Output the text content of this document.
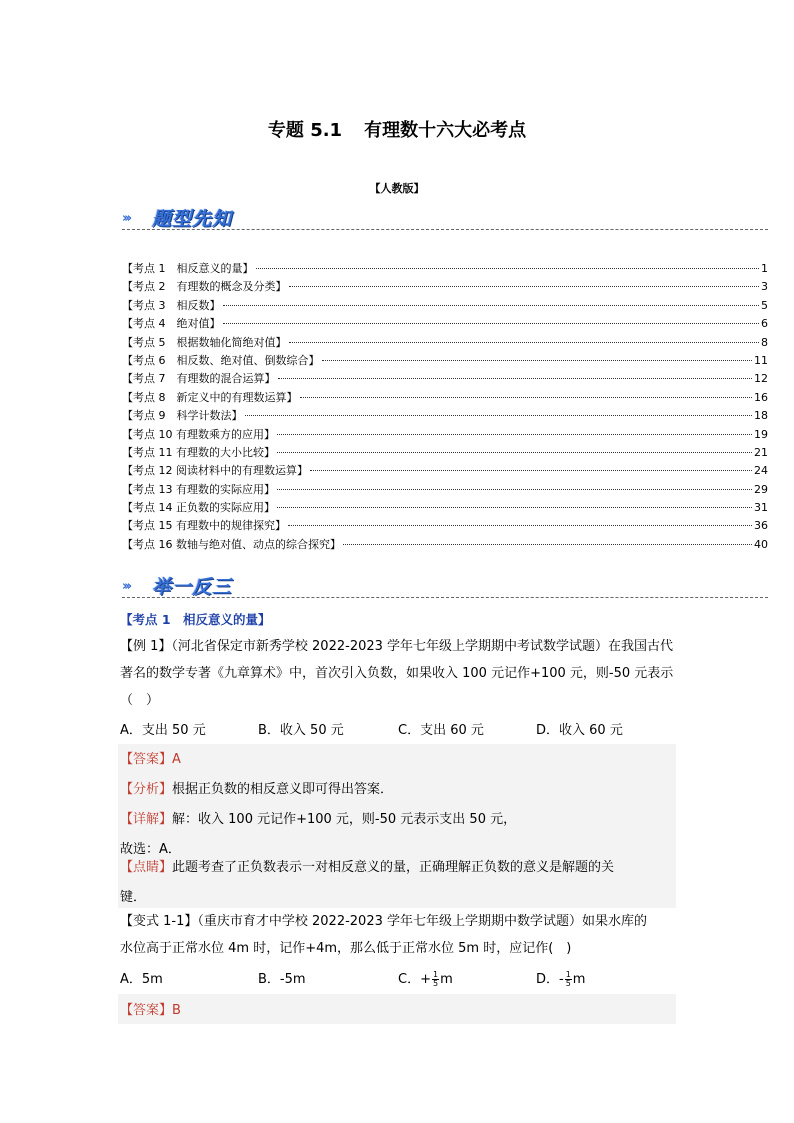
专题 5.1 有理数十六大必考点
【人教版】
››› 题型先知
【考点 1　相反意义的量】	1
【考点 2　有理数的概念及分类】	3
【考点 3　相反数】	5
【考点 4　绝对值】	6
【考点 5　根据数轴化简绝对值】	8
【考点 6　相反数、绝对值、倒数综合】	11
【考点 7　有理数的混合运算】	12
【考点 8　新定义中的有理数运算】	16
【考点 9　科学计数法】	18
【考点 10 有理数乘方的应用】	19
【考点 11 有理数的大小比较】	21
【考点 12 阅读材料中的有理数运算】	24
【考点 13 有理数的实际应用】	29
【考点 14 正负数的实际应用】	31
【考点 15 有理数中的规律探究】	36
【考点 16 数轴与绝对值、动点的综合探究】	40
››› 举一反三
【考点 1　相反意义的量】
【例 1】（河北省保定市新秀学校 2022-2023 学年七年级上学期期中考试数学试题）在我国古代著名的数学专著《九章算术》中，首次引入负数，如果收入 100 元记作+100 元，则-50 元表示（　）
A．支出 50 元	B．收入 50 元	C．支出 60 元	D．收入 60 元
【答案】A
【分析】根据正负数的相反意义即可得出答案．
【详解】解：收入 100 元记作+100 元，则-50 元表示支出 50 元，
故选：A．
【点睛】此题考查了正负数表示一对相反意义的量，正确理解正负数的意义是解题的关
键．
【变式 1-1】（重庆市育才中学校 2022-2023 学年七年级上学期期中数学试题）如果水库的
水位高于正常水位 4m 时，记作+4m，那么低于正常水位 5m 时，应记作(　)
A．5m	B．-5m	C．+ $\frac{1}{5}$ m	D．- $\frac{1}{5}$ m
【答案】B
